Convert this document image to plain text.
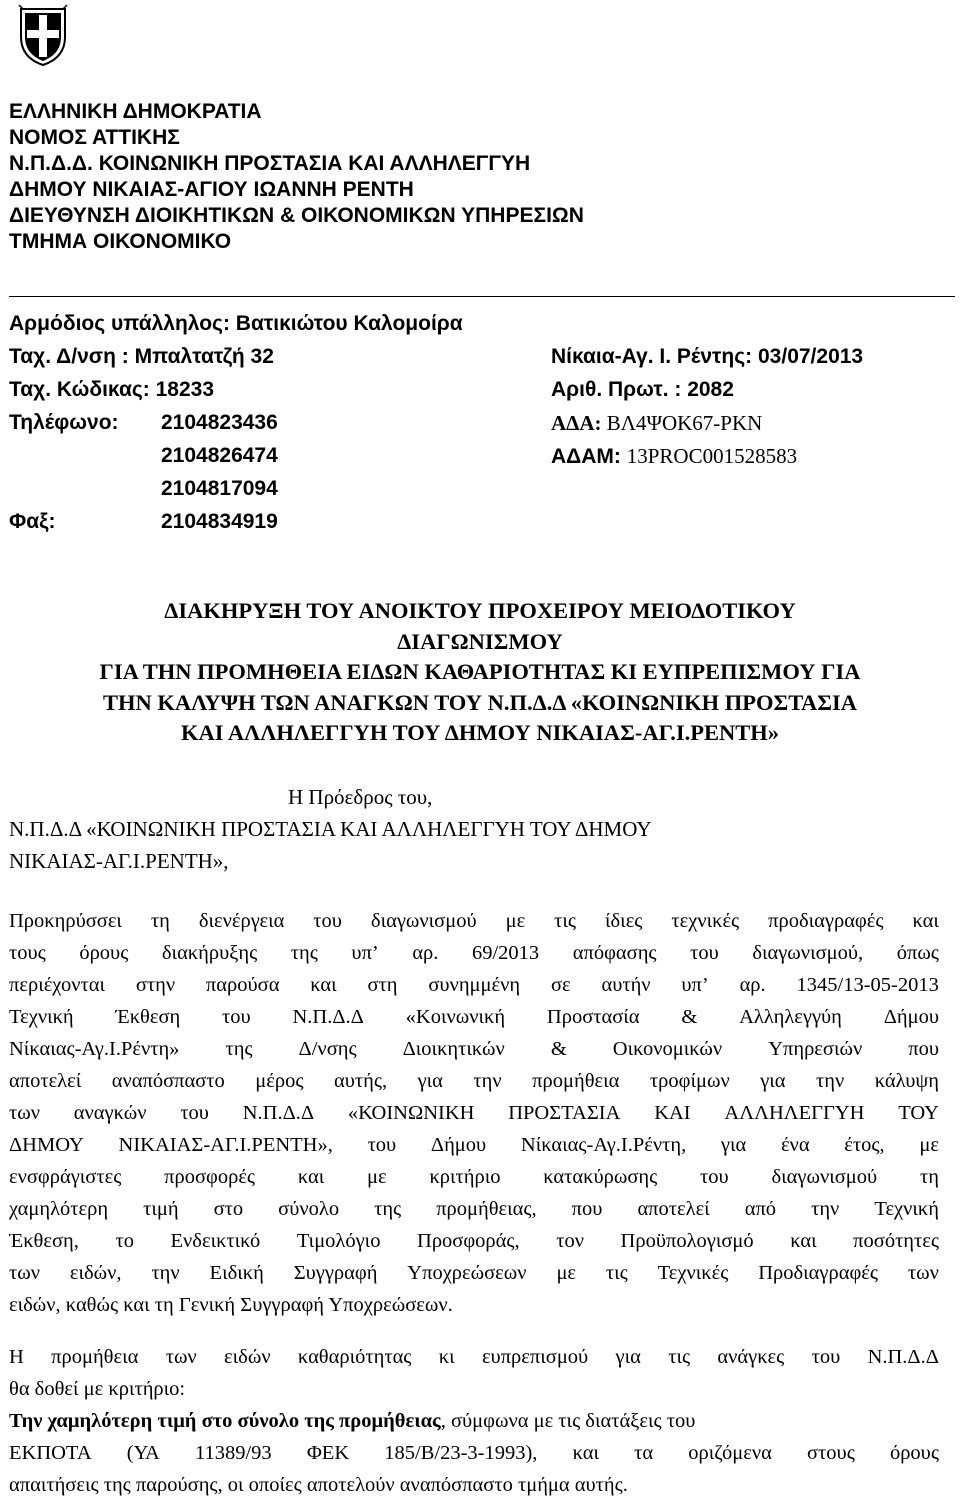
ΕΛΛΗΝΙΚΗ ΔΗΜΟΚΡΑΤΙΑ
ΝΟΜΟΣ ΑΤΤΙΚΗΣ
Ν.Π.Δ.Δ. ΚΟΙΝΩΝΙΚΗ ΠΡΟΣΤΑΣΙΑ ΚΑΙ ΑΛΛΗΛΕΓΓΥΗ
ΔΗΜΟΥ ΝΙΚΑΙΑΣ-ΑΓΙΟΥ ΙΩΑΝΝΗ ΡΕΝΤΗ
ΔΙΕΥΘΥΝΣΗ ΔΙΟΙΚΗΤΙΚΩΝ & ΟΙΚΟΝΟΜΙΚΩΝ ΥΠΗΡΕΣΙΩΝ
ΤΜΗΜΑ ΟΙΚΟΝΟΜΙΚΟ
Αρμόδιος υπάλληλος: Βατικιώτου Καλομοίρα
Ταχ. Δ/νση : Μπαλτατζή 32
Ταχ. Κώδικας: 18233
Τηλέφωνο: 2104823436
2104826474
2104817094
Φαξ:	2104834919
Νίκαια-Αγ. Ι. Ρέντης: 03/07/2013
Αριθ. Πρωτ. : 2082
ΑΔΑ: ΒΛ4ΨΟΚ67-ΡΚΝ
ΑΔΑΜ: 13PROC001528583
ΔΙΑΚΗΡΥΞΗ ΤΟΥ ΑΝΟΙΚΤΟΥ ΠΡΟΧΕΙΡΟΥ ΜΕΙΟΔΟΤΙΚΟΥ
ΔΙΑΓΩΝΙΣΜΟΥ
ΓΙΑ ΤΗΝ ΠΡΟΜΗΘΕΙΑ ΕΙΔΩΝ ΚΑΘΑΡΙΟΤΗΤΑΣ ΚΙ ΕΥΠΡΕΠΙΣΜΟΥ ΓΙΑ
ΤΗΝ ΚΑΛΥΨΗ ΤΩΝ ΑΝΑΓΚΩΝ ΤΟΥ Ν.Π.Δ.Δ «ΚΟΙΝΩΝΙΚΗ ΠΡΟΣΤΑΣΙΑ
ΚΑΙ ΑΛΛΗΛΕΓΓΥΗ ΤΟΥ ΔΗΜΟΥ ΝΙΚΑΙΑΣ-ΑΓ.Ι.ΡΕΝΤΗ»
Η Πρόεδρος του,
Ν.Π.Δ.Δ «ΚΟΙΝΩΝΙΚΗ ΠΡΟΣΤΑΣΙΑ ΚΑΙ ΑΛΛΗΛΕΓΓΥΗ ΤΟΥ ΔΗΜΟΥ
ΝΙΚΑΙΑΣ-ΑΓ.Ι.ΡΕΝΤΗ»,
Προκηρύσσει τη διενέργεια του διαγωνισμού με τις ίδιες τεχνικές προδιαγραφές και
τους όρους διακήρυξης της υπ’ αρ. 69/2013 απόφασης του διαγωνισμού, όπως
περιέχονται στην παρούσα και στη συνημμένη σε αυτήν υπ’ αρ. 1345/13-05-2013
Τεχνική Έκθεση του Ν.Π.Δ.Δ «Κοινωνική Προστασία & Αλληλεγγύη Δήμου
Νίκαιας-Αγ.Ι.Ρέντη» της Δ/νσης Διοικητικών & Οικονομικών Υπηρεσιών που
αποτελεί αναπόσπαστο μέρος αυτής, για την προμήθεια τροφίμων για την κάλυψη
των αναγκών του Ν.Π.Δ.Δ «ΚΟΙΝΩΝΙΚΗ ΠΡΟΣΤΑΣΙΑ ΚΑΙ ΑΛΛΗΛΕΓΓΥΗ ΤΟΥ
ΔΗΜΟΥ ΝΙΚΑΙΑΣ-ΑΓ.Ι.ΡΕΝΤΗ», του Δήμου Νίκαιας-Αγ.Ι.Ρέντη, για ένα έτος, με
ενσφράγιστες προσφορές και με κριτήριο κατακύρωσης του διαγωνισμού τη
χαμηλότερη τιμή στο σύνολο της προμήθειας, που αποτελεί από την Τεχνική
Έκθεση, το Ενδεικτικό Τιμολόγιο Προσφοράς, τον Προϋπολογισμό και ποσότητες
των ειδών, την Ειδική Συγγραφή Υποχρεώσεων με τις Τεχνικές Προδιαγραφές των
ειδών, καθώς και τη Γενική Συγγραφή Υποχρεώσεων.
Η προμήθεια των ειδών καθαριότητας κι ευπρεπισμού για τις ανάγκες του Ν.Π.Δ.Δ
θα δοθεί με κριτήριο:
Την χαμηλότερη τιμή στο σύνολο της προμήθειας , σύμφωνα με τις διατάξεις του
ΕΚΠΟΤΑ (ΥΑ 11389/93 ΦΕΚ 185/Β/23-3-1993), και τα οριζόμενα στους όρους
απαιτήσεις της παρούσης, οι οποίες αποτελούν αναπόσπαστο τμήμα αυτής.
